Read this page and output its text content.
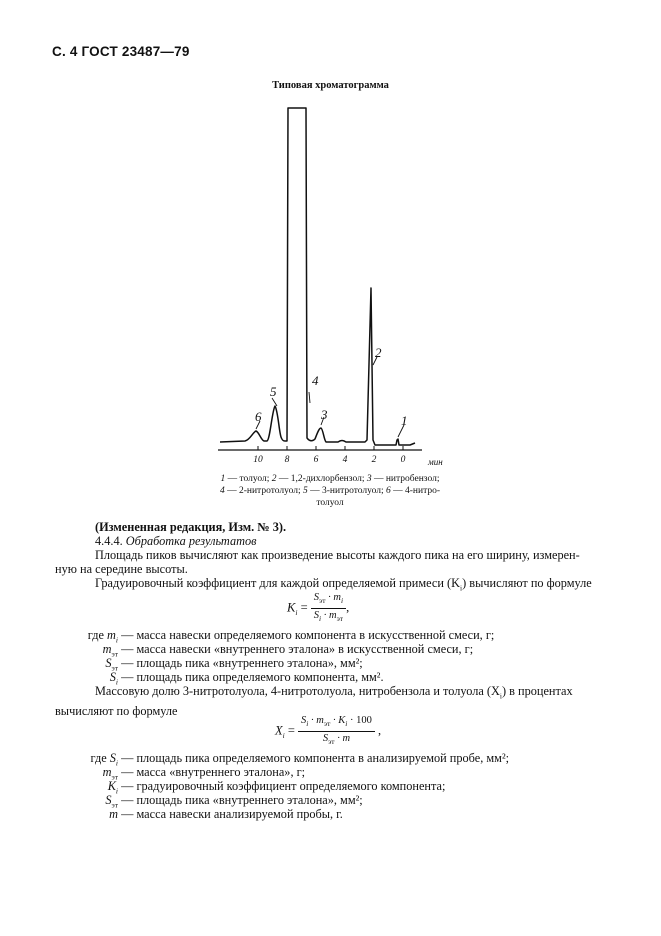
С. 4 ГОСТ 23487—79
Типовая хроматограмма
10 8	6	4	2	0	мин
6
5
4
3
2
1
1 — толуол; 2 — 1,2-дихлорбензол; 3 — нитробензол;
4 — 2-нитротолуол; 5 — 3-нитротолуол; 6 — 4-нитро-
толуол
(Измененная редакция, Изм. № 3).
4.4.4. Обработка результатов
Площадь пиков вычисляют как произведение высоты каждого пика на его ширину, измерен-
ную на середине высоты.
Градуировочный коэффициент для каждой определяемой примеси $(K_i)$ вычисляют по формуле
$K_i = \frac{S_{эт} \cdot m_i}{S_i \cdot m_{эт}}$ ,
где $m_i$ — масса навески определяемого компонента в искусственной смеси, г;
$m_{эт}$ — масса навески «внутреннего эталона» в искусственной смеси, г;
$S_{эт}$ — площадь пика «внутреннего эталона», мм²;
$S_i$ — площадь пика определяемого компонента, мм².
Массовую долю 3-нитротолуола, 4-нитротолуола, нитробензола и толуола $(X_i)$ в процентах
вычисляют по формуле
$X_i = \frac{S_i \cdot m_{эт} \cdot K_i \cdot 100}{S_{эт} \cdot m}$ ,
где $S_i$ — площадь пика определяемого компонента в анализируемой пробе, мм²;
$m_{эт}$ — масса «внутреннего эталона», г;
$K_i$ — градуировочный коэффициент определяемого компонента;
$S_{эт}$ — площадь пика «внутреннего эталона», мм²;
m — масса навески анализируемой пробы, г.
